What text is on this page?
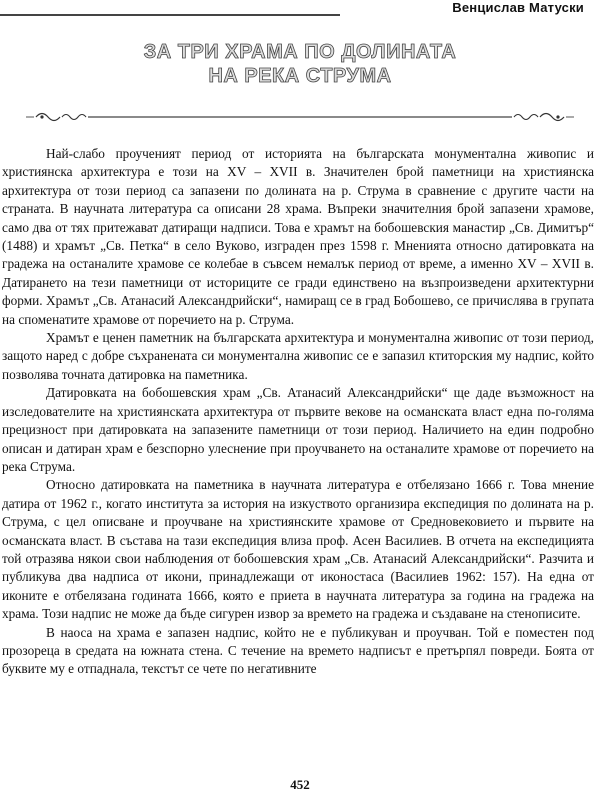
Венцислав Матуски
ЗА ТРИ ХРАМА ПО ДОЛИНАТА
НА РЕКА СТРУМА

Най-слабо проученият период от историята на българската монументална живопис и християнска архитектура е този на XV – XVII в. Значителен брой паметници на християнска архитектура от този период са запазени по долината на р. Струма в сравнение с другите части на страната. В научната литература са описани 28 храма. Въпреки значителния брой запазени храмове, само два от тях притежават датиращи надписи. Това е храмът на бобошевския манастир „Св. Димитър“ (1488) и храмът „Св. Петка“ в село Вуково, изграден през 1598 г. Мненията относно датировката на градежа на останалите храмове се колебае в съвсем немалък период от време, а именно XV – XVII в. Датирането на тези паметници от историците се гради единствено на възпроизведени архитектурни форми. Храмът „Св. Атанасий Александрийски“, намиращ се в град Бобошево, се причислява в групата на споменатите храмове от поречието на р. Струма.

Храмът е ценен паметник на българската архитектура и монументална живопис от този период, защото наред с добре съхранената си монументална живопис се е запазил ктиторския му надпис, който позволява точната датировка на паметника.

Датировката на бобошевския храм „Св. Атанасий Александрийски“ ще даде възможност на изследователите на християнската архитектура от първите векове на османската власт една по-голяма прецизност при датировката на запазените паметници от този период. Наличието на един подробно описан и датиран храм е безспорно улеснение при проучването на останалите храмове от поречието на река Струма.

Относно датировката на паметника в научната литература е отбелязано 1666 г. Това мнение датира от 1962 г., когато института за история на изкуството организира експедиция по долината на р. Струма, с цел описване и проучване на християнските храмове от Средновековието и първите на османската власт. В състава на тази експедиция влиза проф. Асен Василиев. В отчета на експедицията той отразява някои свои наблюдения от бобошевския храм „Св. Атанасий Александрийски“. Разчита и публикува два надписа от икони, принадлежащи от иконостаса (Василиев 1962: 157). На една от иконите е отбелязана годината 1666, която е приета в научната литература за година на градежа на храма. Този надпис не може да бъде сигурен извор за времето на градежа и създаване на стенописите.

В наоса на храма е запазен надпис, който не е публикуван и проучван. Той е поместен под прозореца в средата на южната стена. С течение на времето надписът е претърпял повреди. Боята от буквите му е отпаднала, текстът се чете по негативните

452
